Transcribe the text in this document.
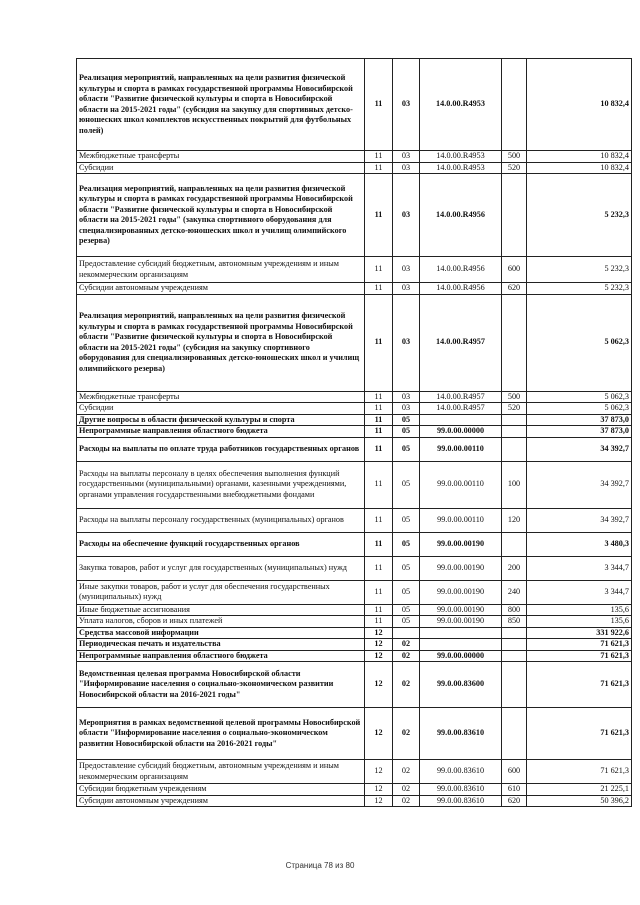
Реализация мероприятий, направленных на цели развития физической культуры и спорта в рамках государственной программы Новосибирской области "Развитие физической культуры и спорта в Новосибирской области на 2015-2021 годы" (субсидия на закупку для спортивных детско-юношеских школ комплектов искусственных покрытий для футбольных полей)	11	03	14.0.00.R4953		10 832,4
Межбюджетные трансферты	11	03	14.0.00.R4953	500	10 832,4
Субсидии	11	03	14.0.00.R4953	520	10 832,4
Реализация мероприятий, направленных на цели развития физической культуры и спорта в рамках государственной программы Новосибирской области "Развитие физической культуры и спорта в Новосибирской области на 2015-2021 годы" (закупка спортивного оборудования для специализированных детско-юношеских школ и училищ олимпийского резерва)	11	03	14.0.00.R4956		5 232,3
Предоставление субсидий бюджетным, автономным учреждениям и иным некоммерческим организациям	11	03	14.0.00.R4956	600	5 232,3
Субсидии автономным учреждениям	11	03	14.0.00.R4956	620	5 232,3
Реализация мероприятий, направленных на цели развития физической культуры и спорта в рамках государственной программы Новосибирской области "Развитие физической культуры и спорта в Новосибирской области на 2015-2021 годы" (субсидия на закупку спортивного оборудования для специализированных детско-юношеских школ и училищ олимпийского резерва)	11	03	14.0.00.R4957		5 062,3
Межбюджетные трансферты	11	03	14.0.00.R4957	500	5 062,3
Субсидии	11	03	14.0.00.R4957	520	5 062,3
Другие вопросы в области физической культуры и спорта	11	05			37 873,0
Непрограммные направления областного бюджета	11	05	99.0.00.00000		37 873,0
Расходы на выплаты по оплате труда работников государственных органов	11	05	99.0.00.00110		34 392,7
Расходы на выплаты персоналу в целях обеспечения выполнения функций государственными (муниципальными) органами, казенными учреждениями, органами управления государственными внебюджетными фондами	11	05	99.0.00.00110	100	34 392,7
Расходы на выплаты персоналу государственных (муниципальных) органов	11	05	99.0.00.00110	120	34 392,7
Расходы на обеспечение функций государственных органов	11	05	99.0.00.00190		3 480,3
Закупка товаров, работ и услуг для государственных (муниципальных) нужд	11	05	99.0.00.00190	200	3 344,7
Иные закупки товаров, работ и услуг для обеспечения государственных (муниципальных) нужд	11	05	99.0.00.00190	240	3 344,7
Иные бюджетные ассигнования	11	05	99.0.00.00190	800	135,6
Уплата налогов, сборов и иных платежей	11	05	99.0.00.00190	850	135,6
Средства массовой информации	12				331 922,6
Периодическая печать и издательства	12	02			71 621,3
Непрограммные направления областного бюджета	12	02	99.0.00.00000		71 621,3
Ведомственная целевая программа Новосибирской области "Информирование населения о социально-экономическом развитии Новосибирской области на 2016-2021 годы"	12	02	99.0.00.83600		71 621,3
Мероприятия в рамках ведомственной целевой программы Новосибирской области "Информирование населения о социально-экономическом развитии Новосибирской области на 2016-2021 годы"	12	02	99.0.00.83610		71 621,3
Предоставление субсидий бюджетным, автономным учреждениям и иным некоммерческим организациям	12	02	99.0.00.83610	600	71 621,3
Субсидии бюджетным учреждениям	12	02	99.0.00.83610	610	21 225,1
Субсидии автономным учреждениям	12	02	99.0.00.83610	620	50 396,2
Страница 78 из 80
